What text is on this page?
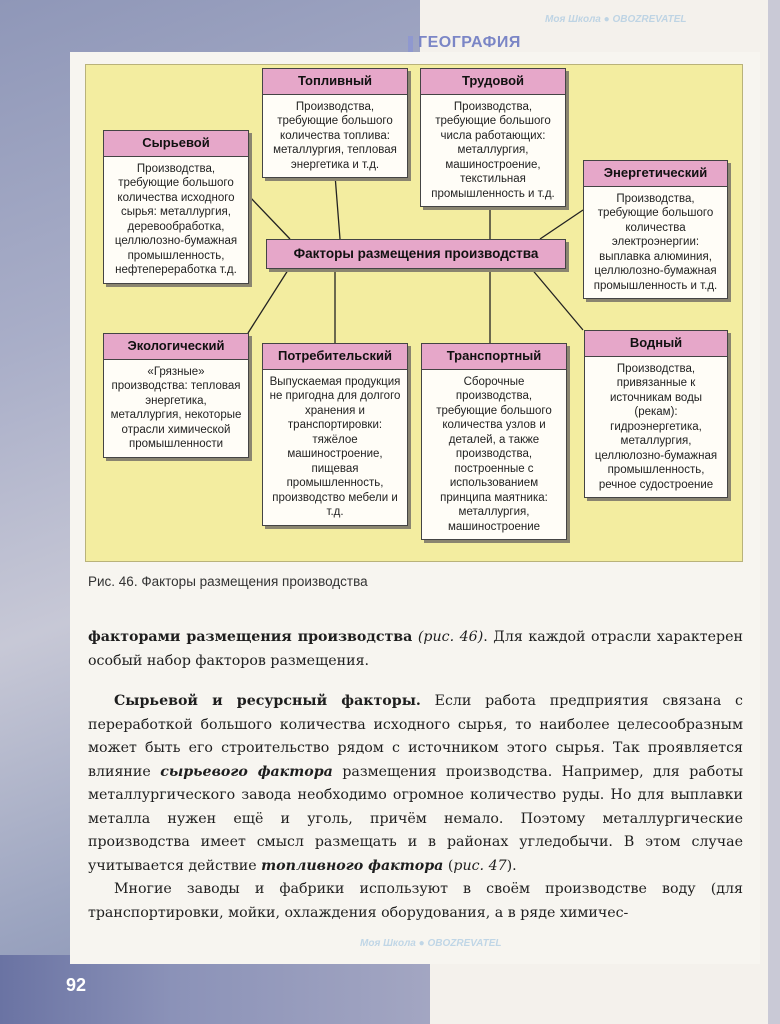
ГЕОГРАФИЯ
Топливный
Производства, требующие большого количества топлива: металлургия, тепловая энергетика и т.д.
Трудовой
Производства, требующие большого числа работающих: металлургия, машиностроение, текстильная промышленность и т.д.
Сырьевой
Производства, требующие большого количества исходного сырья: металлургия, деревообработка, целлюлозно-бумажная промышленность, нефтепереработка т.д.
Энергетический
Производства, требующие большого количества электроэнергии: выплавка алюминия, целлюлозно-бумажная промышленность и т.д.
Факторы размещения производства
Экологический
«Грязные» производства: тепловая энергетика, металлургия, некоторые отрасли химической промышленности
Потребительский
Выпускаемая продукция не пригодна для долгого хранения и транспортировки: тяжёлое машиностроение, пищевая промышленность, производство мебели и т.д.
Транспортный
Сборочные производства, требующие большого количества узлов и деталей, а также производства, построенные с использованием принципа маятника: металлургия, машиностроение
Водный
Производства, привязанные к источникам воды (рекам): гидроэнергетика, металлургия, целлюлозно-бумажная промышленность, речное судостроение
Рис. 46. Факторы размещения производства

факторами размещения производства (рис. 46). Для каждой отрасли характерен особый набор факторов размещения.

Сырьевой и ресурсный факторы. Если работа предприятия связана с переработкой большого количества исходного сырья, то наиболее целесообразным может быть его строительство рядом с источником этого сырья. Так проявляется влияние сырьевого фактора размещения производства. Например, для работы металлургического завода необходимо огромное количество руды. Но для выплавки металла нужен ещё и уголь, причём немало. Поэтому металлургические производства имеет смысл размещать и в районах угледобычи. В этом случае учитывается действие топливного фактора (рис. 47).

Многие заводы и фабрики используют в своём производстве воду (для транспортировки, мойки, охлаждения оборудования, а в ряде химичес-

92
Моя Школа ● OBOZREVATEL
Моя Школа ● OBOZREVATEL
